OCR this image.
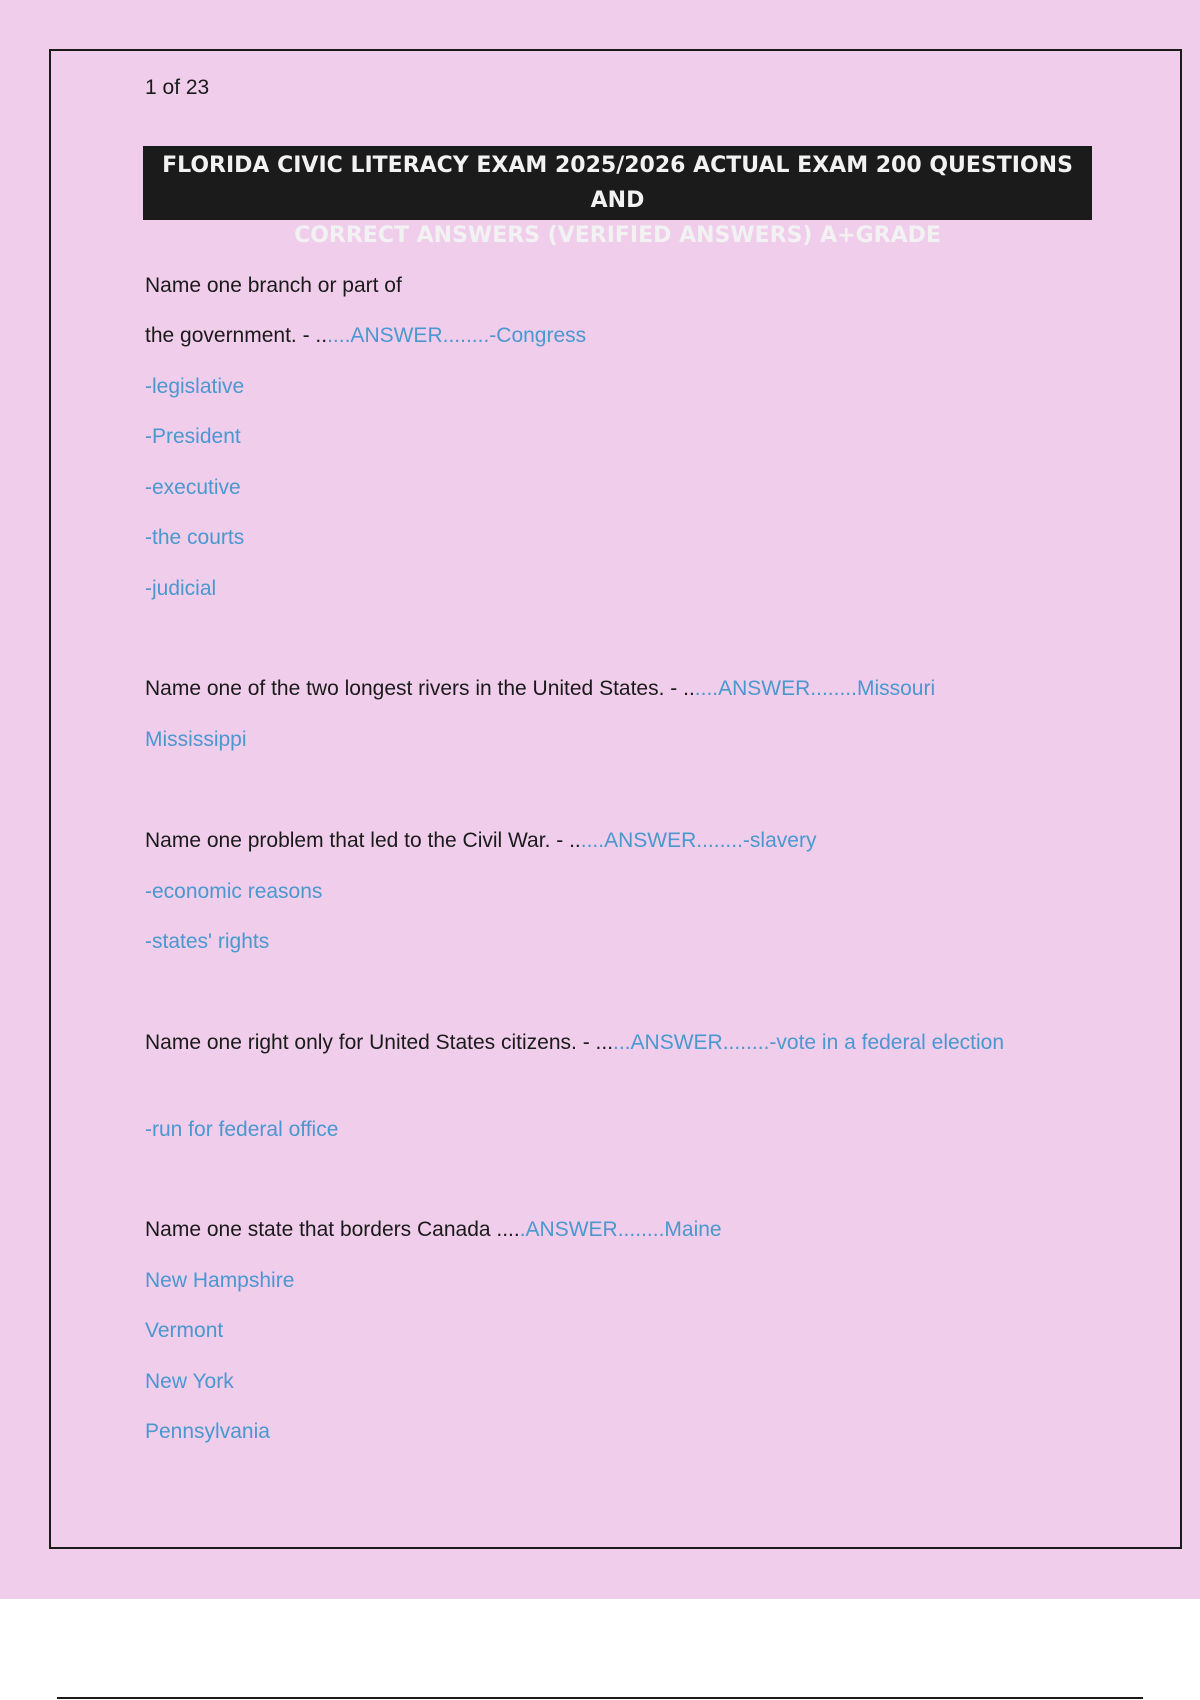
1 of 23
FLORIDA CIVIC LITERACY EXAM 2025/2026 ACTUAL EXAM 200 QUESTIONS AND
CORRECT ANSWERS (VERIFIED ANSWERS) A+GRADE
Name one branch or part of
the government. - ......ANSWER........-Congress
-legislative
-President
-executive
-the courts
-judicial
Name one of the two longest rivers in the United States. - ......ANSWER........Missouri
Mississippi
Name one problem that led to the Civil War. - ......ANSWER........-slavery
-economic reasons
-states' rights
Name one right only for United States citizens. - ......ANSWER........-vote in a federal election
-run for federal office
Name one state that borders Canada .....ANSWER........Maine
New Hampshire
Vermont
New York
Pennsylvania
